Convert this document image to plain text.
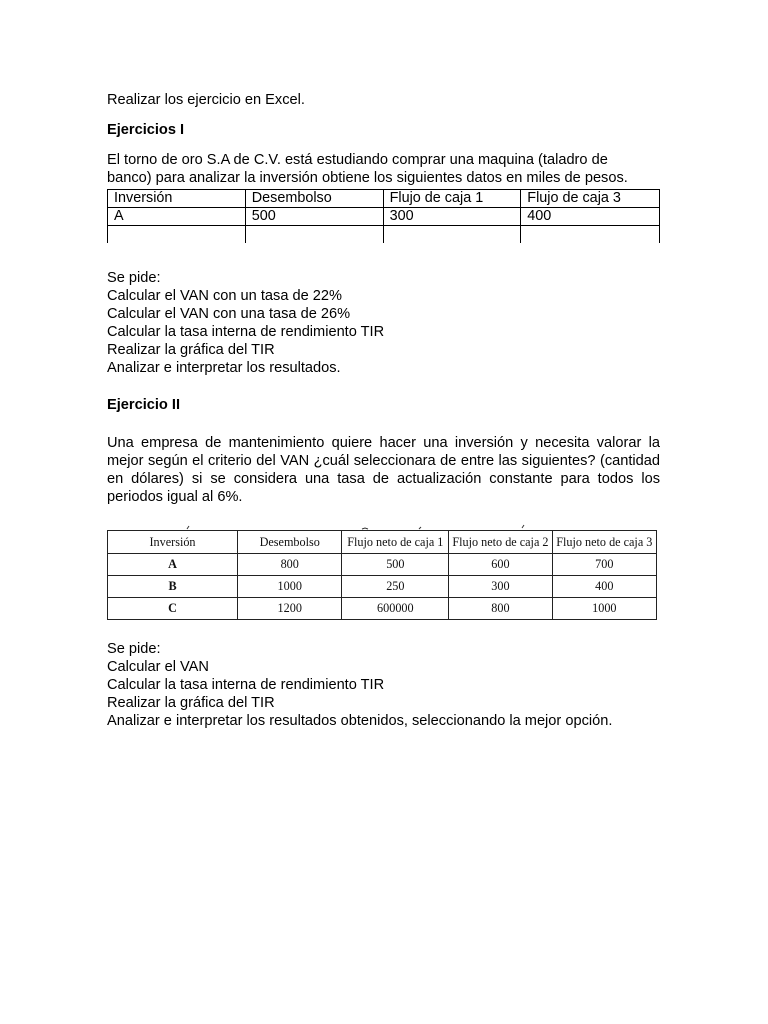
Realizar los ejercicio en Excel.

Ejercicios I

El torno de oro S.A de C.V. está estudiando comprar una maquina (taladro de

banco) para analizar la inversión obtiene los siguientes datos en miles de pesos.

Inversión	Desembolso	Flujo de caja 1	Flujo de caja 3
A	500	300	400

Se pide:

Calcular el VAN con un tasa de 22%

Calcular el VAN con una tasa de 26%

Calcular la tasa interna de rendimiento TIR

Realizar la gráfica del TIR

Analizar e interpretar los resultados.

Ejercicio II

Una empresa de mantenimiento quiere hacer una inversión y necesita valorar la mejor según el criterio del VAN ¿cuál seleccionara de entre las siguientes? (cantidad en dólares) si se considera una tasa de actualización constante para todos los periodos igual al 6%.

Inversión	Desembolso	Flujo neto de caja 1	Flujo neto de caja 2	Flujo neto de caja 3
A	800	500	600	700
B	1000	250	300	400
C	1200	600000	800	1000

Se pide:

Calcular el VAN

Calcular la tasa interna de rendimiento TIR

Realizar la gráfica del TIR

Analizar e interpretar los resultados obtenidos, seleccionando la mejor opción.
